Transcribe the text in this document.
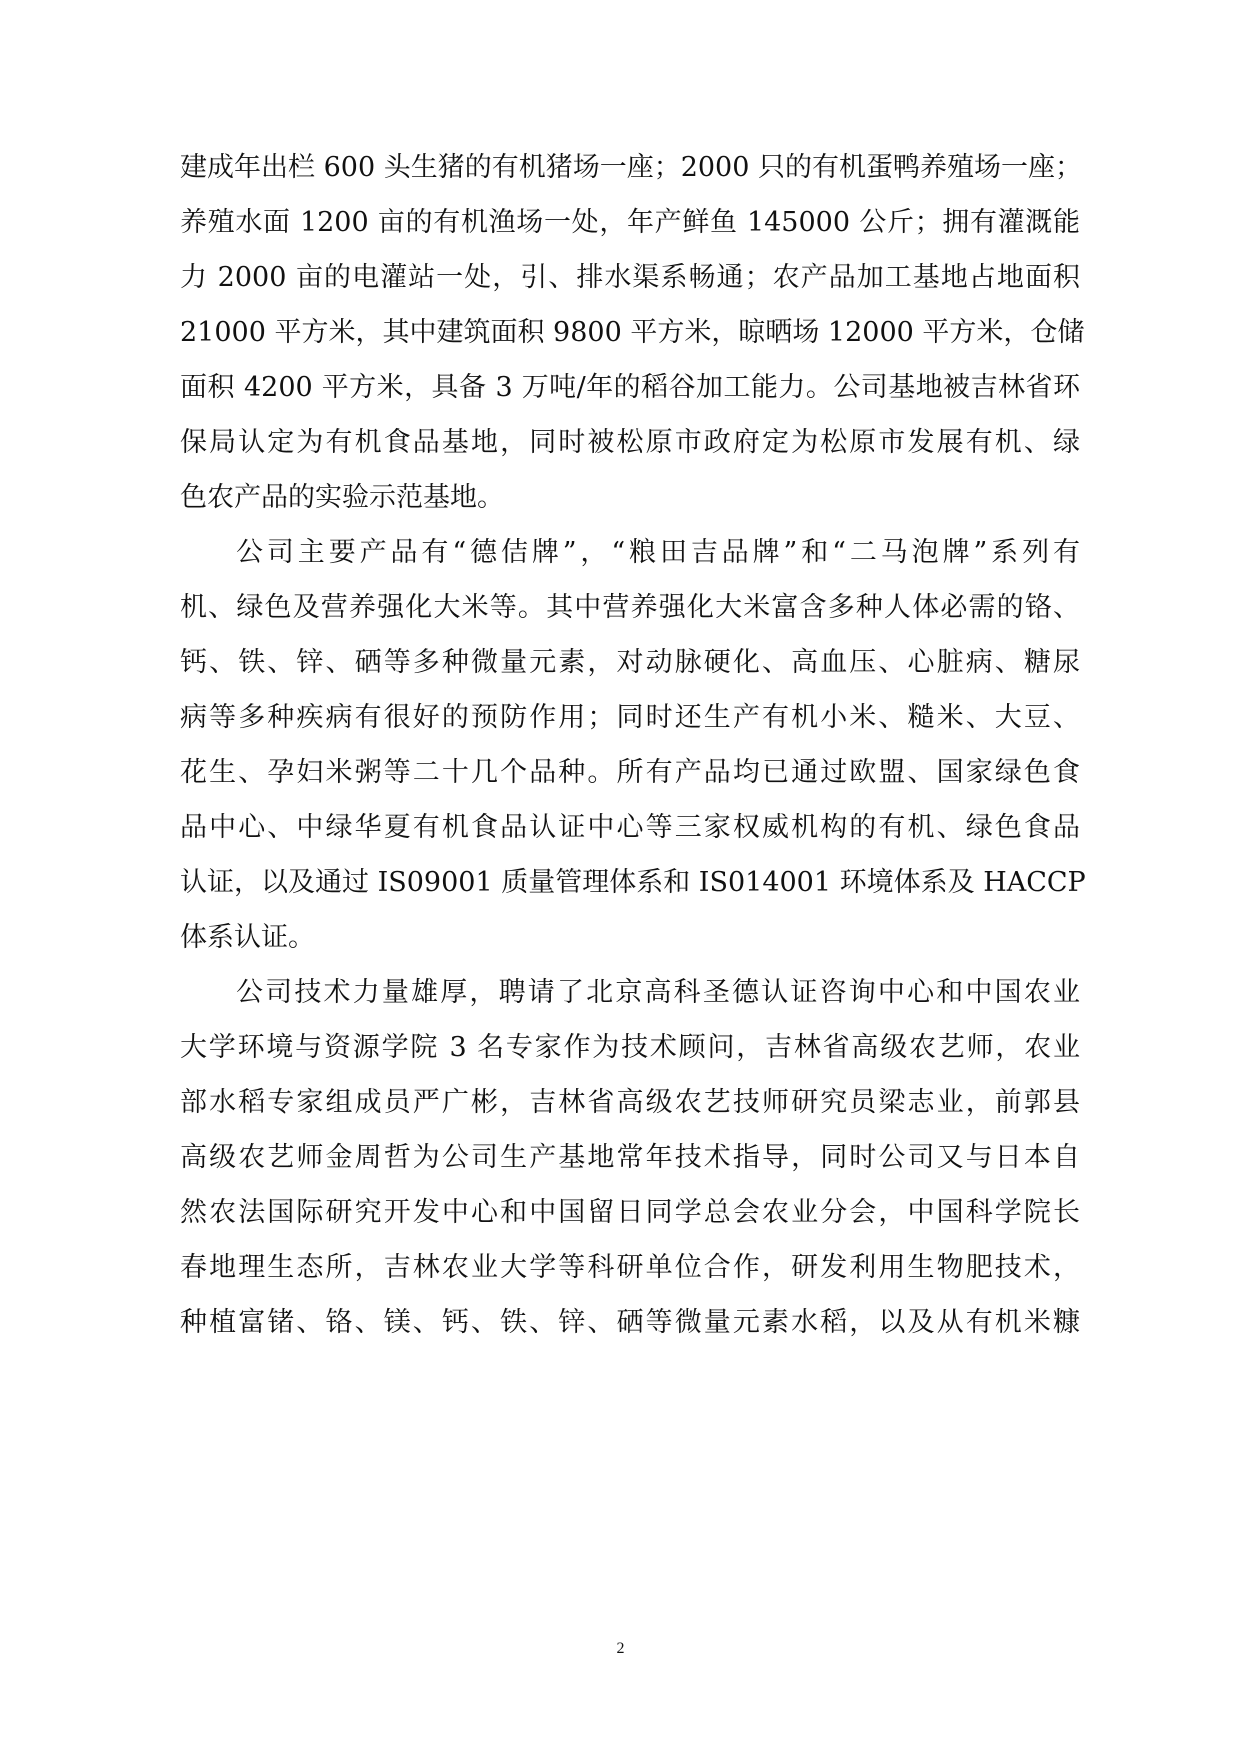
建成年出栏 600 头生猪的有机猪场一座；2000 只的有机蛋鸭养殖场一座；
养殖水面 1200 亩的有机渔场一处，年产鲜鱼 145000 公斤；拥有灌溉能
力 2000 亩的电灌站一处，引、排水渠系畅通；农产品加工基地占地面积
21000 平方米，其中建筑面积 9800 平方米，晾晒场 12000 平方米，仓储
面积 4200 平方米，具备 3 万吨/年的稻谷加工能力。公司基地被吉林省环
保局认定为有机食品基地，同时被松原市政府定为松原市发展有机、绿
色农产品的实验示范基地。
公司主要产品有“德佶牌”，“粮田吉品牌”和“二马泡牌”系列有
机、绿色及营养强化大米等。其中营养强化大米富含多种人体必需的铬、
钙、铁、锌、硒等多种微量元素，对动脉硬化、高血压、心脏病、糖尿
病等多种疾病有很好的预防作用；同时还生产有机小米、糙米、大豆、
花生、孕妇米粥等二十几个品种。所有产品均已通过欧盟、国家绿色食
品中心、中绿华夏有机食品认证中心等三家权威机构的有机、绿色食品
认证，以及通过 IS09001 质量管理体系和 IS014001 环境体系及 HACCP
体系认证。
公司技术力量雄厚，聘请了北京高科圣德认证咨询中心和中国农业
大学环境与资源学院 3 名专家作为技术顾问，吉林省高级农艺师，农业
部水稻专家组成员严广彬，吉林省高级农艺技师研究员梁志业，前郭县
高级农艺师金周哲为公司生产基地常年技术指导，同时公司又与日本自
然农法国际研究开发中心和中国留日同学总会农业分会，中国科学院长
春地理生态所，吉林农业大学等科研单位合作，研发利用生物肥技术，
种植富锗、铬、镁、钙、铁、锌、硒等微量元素水稻，以及从有机米糠
2
